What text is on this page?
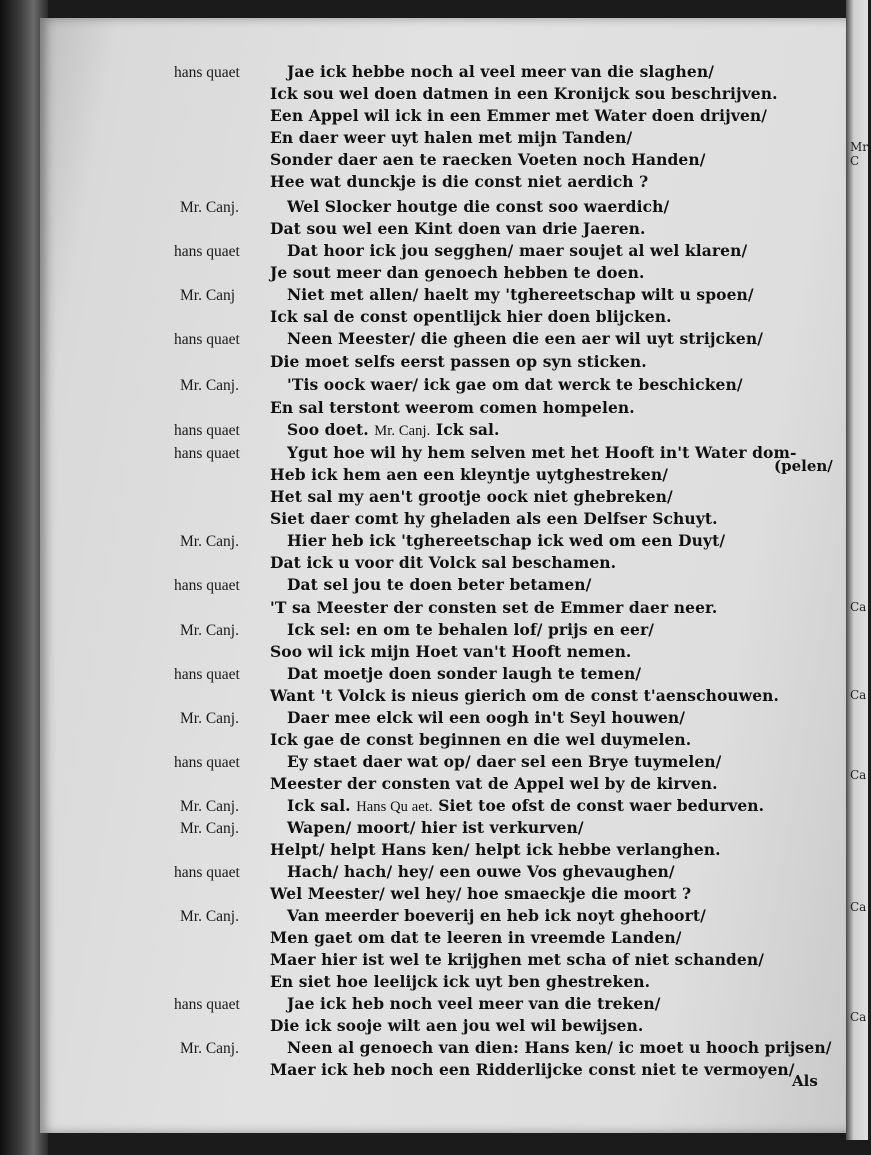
Mr. C
Ca
Ca
Ca
Ca
Ca
hans quaet	Jae ick hebbe noch al veel meer van die slaghen/
Ick sou wel doen datmen in een Kronijck sou beschrijven.
Een Appel wil ick in een Emmer met Water doen drijven/
En daer weer uyt halen met mijn Tanden/
Sonder daer aen te raecken Voeten noch Handen/
Hee wat dunckje is die const niet aerdich ?
Mr. Canj.	Wel Slocker houtge die const soo waerdich/
Dat sou wel een Kint doen van drie Jaeren.
hans quaet	Dat hoor ick jou segghen/ maer soujet al wel klaren/
Je sout meer dan genoech hebben te doen.
Mr. Canj	Niet met allen/ haelt my 'tghereetschap wilt u spoen/
Ick sal de const opentlijck hier doen blijcken.
hans quaet	Neen Meester/ die gheen die een aer wil uyt strijcken/
Die moet selfs eerst passen op syn sticken.
Mr. Canj.	'Tis oock waer/ ick gae om dat werck te beschicken/
En sal terstont weerom comen hompelen.
hans quaet	Soo doet. Mr. Canj. Ick sal.
hans quaet	Ygut hoe wil hy hem selven met het Hooft in't Water dom-
(pelen/
Heb ick hem aen een kleyntje uytghestreken/
Het sal my aen't grootje oock niet ghebreken/
Siet daer comt hy gheladen als een Delfser Schuyt.
Mr. Canj.	Hier heb ick 'tghereetschap ick wed om een Duyt/
Dat ick u voor dit Volck sal beschamen.
hans quaet	Dat sel jou te doen beter betamen/
'T sa Meester der consten set de Emmer daer neer.
Mr. Canj.	Ick sel: en om te behalen lof/ prijs en eer/
Soo wil ick mijn Hoet van't Hooft nemen.
hans quaet	Dat moetje doen sonder laugh te temen/
Want 't Volck is nieus gierich om de const t'aenschouwen.
Mr. Canj.	Daer mee elck wil een oogh in't Seyl houwen/
Ick gae de const beginnen en die wel duymelen.
hans quaet	Ey staet daer wat op/ daer sel een Brye tuymelen/
Meester der consten vat de Appel wel by de kirven.
Mr. Canj.	Ick sal. Hans Qu aet. Siet toe ofst de const waer bedurven.
Mr. Canj.	Wapen/ moort/ hier ist verkurven/
Helpt/ helpt Hans ken/ helpt ick hebbe verlanghen.
hans quaet	Hach/ hach/ hey/ een ouwe Vos ghevaughen/
Wel Meester/ wel hey/ hoe smaeckje die moort ?
Mr. Canj.	Van meerder boeverij en heb ick noyt ghehoort/
Men gaet om dat te leeren in vreemde Landen/
Maer hier ist wel te krijghen met scha of niet schanden/
En siet hoe leelijck ick uyt ben ghestreken.
hans quaet	Jae ick heb noch veel meer van die treken/
Die ick sooje wilt aen jou wel wil bewijsen.
Mr. Canj.	Neen al genoech van dien: Hans ken/ ic moet u hooch prijsen/
Maer ick heb noch een Ridderlijcke const niet te vermoyen/
Als
